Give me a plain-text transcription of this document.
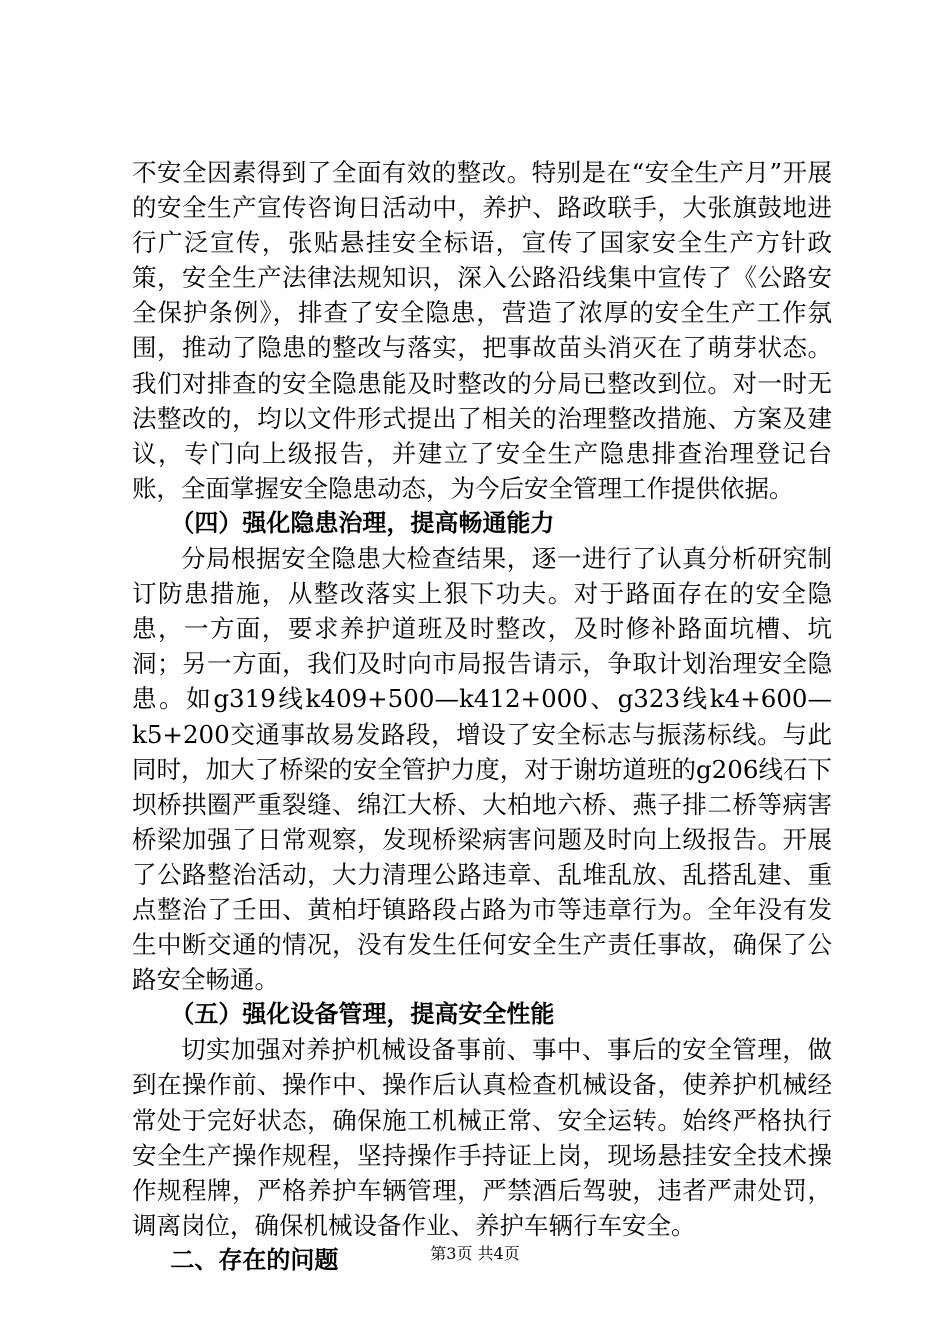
不安全因素得到了全面有效的整改。特别是在“安全生产月”开展的安全生产宣传咨询日活动中，养护、路政联手，大张旗鼓地进行广泛宣传，张贴悬挂安全标语，宣传了国家安全生产方针政策，安全生产法律法规知识，深入公路沿线集中宣传了《公路安全保护条例》，排查了安全隐患，营造了浓厚的安全生产工作氛围，推动了隐患的整改与落实，把事故苗头消灭在了萌芽状态。我们对排查的安全隐患能及时整改的分局已整改到位。对一时无法整改的，均以文件形式提出了相关的治理整改措施、方案及建议，专门向上级报告，并建立了安全生产隐患排查治理登记台账，全面掌握安全隐患动态，为今后安全管理工作提供依据。

（四）强化隐患治理，提高畅通能力

分局根据安全隐患大检查结果，逐一进行了认真分析研究制订防患措施，从整改落实上狠下功夫。对于路面存在的安全隐患，一方面，要求养护道班及时整改，及时修补路面坑槽、坑洞；另一方面，我们及时向市局报告请示，争取计划治理安全隐患。如g319线k409+500—k412+000、g323线k4+600—k5+200交通事故易发路段，增设了安全标志与振荡标线。与此同时，加大了桥梁的安全管护力度，对于谢坊道班的g206线石下坝桥拱圈严重裂缝、绵江大桥、大柏地六桥、燕子排二桥等病害桥梁加强了日常观察，发现桥梁病害问题及时向上级报告。开展了公路整治活动，大力清理公路违章、乱堆乱放、乱搭乱建、重点整治了壬田、黄柏圩镇路段占路为市等违章行为。全年没有发生中断交通的情况，没有发生任何安全生产责任事故，确保了公路安全畅通。

（五）强化设备管理，提高安全性能

切实加强对养护机械设备事前、事中、事后的安全管理，做到在操作前、操作中、操作后认真检查机械设备，使养护机械经常处于完好状态，确保施工机械正常、安全运转。始终严格执行安全生产操作规程，坚持操作手持证上岗，现场悬挂安全技术操作规程牌，严格养护车辆管理，严禁酒后驾驶，违者严肃处罚，调离岗位，确保机械设备作业、养护车辆行车安全。

二、存在的问题	第3页 共4页
